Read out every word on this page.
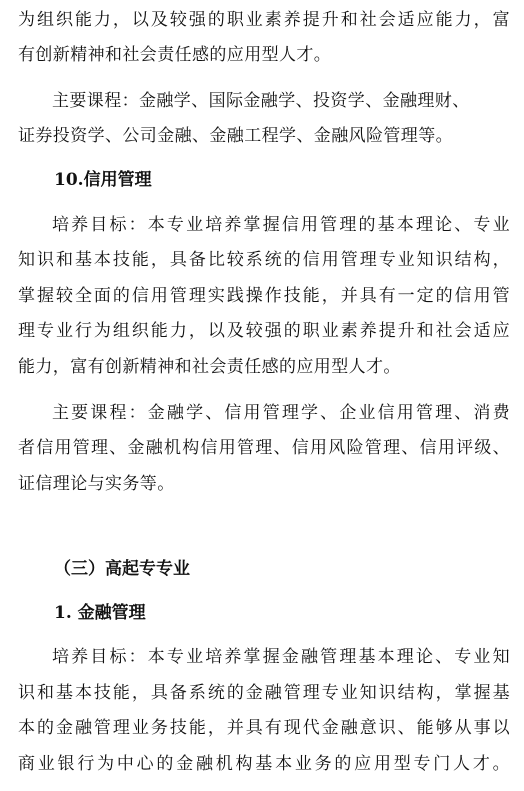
为组织能力，以及较强的职业素养提升和社会适应能力，富
有创新精神和社会责任感的应用型人才。
主要课程：金融学、国际金融学、投资学、金融理财、
证券投资学、公司金融、金融工程学、金融风险管理等。
10.信用管理
培养目标：本专业培养掌握信用管理的基本理论、专业
知识和基本技能，具备比较系统的信用管理专业知识结构，
掌握较全面的信用管理实践操作技能，并具有一定的信用管
理专业行为组织能力，以及较强的职业素养提升和社会适应
能力，富有创新精神和社会责任感的应用型人才。
主要课程：金融学、信用管理学、企业信用管理、消费
者信用管理、金融机构信用管理、信用风险管理、信用评级、
证信理论与实务等。
（三）高起专专业
1. 金融管理
培养目标：本专业培养掌握金融管理基本理论、专业知
识和基本技能，具备系统的金融管理专业知识结构，掌握基
本的金融管理业务技能，并具有现代金融意识、能够从事以
商业银行为中心的金融机构基本业务的应用型专门人才。
